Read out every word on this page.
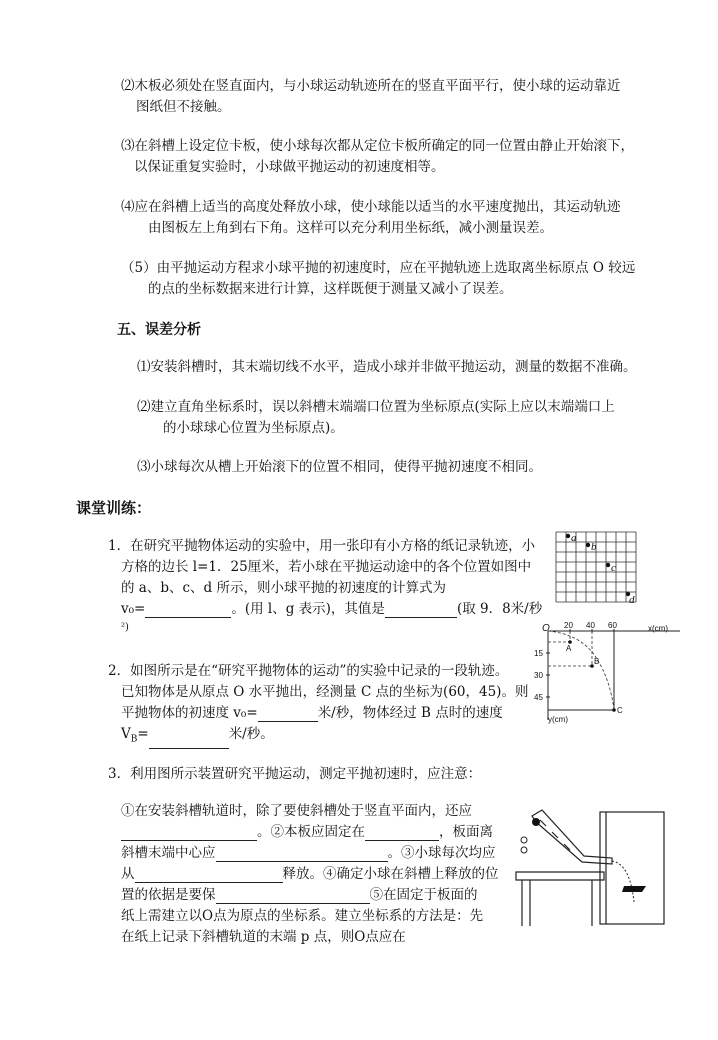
⑵木板必须处在竖直面内，与小球运动轨迹所在的竖直平面平行，使小球的运动靠近
图纸但不接触。
⑶在斜槽上设定位卡板，使小球每次都从定位卡板所确定的同一位置由静止开始滚下，
以保证重复实验时，小球做平抛运动的初速度相等。
⑷应在斜槽上适当的高度处释放小球，使小球能以适当的水平速度抛出，其运动轨迹
由图板左上角到右下角。这样可以充分利用坐标纸，减小测量误差。
（5）由平抛运动方程求小球平抛的初速度时，应在平抛轨迹上选取离坐标原点 O 较远
的点的坐标数据来进行计算，这样既便于测量又减小了误差。
五、误差分析
⑴安装斜槽时，其末端切线不水平，造成小球并非做平抛运动，测量的数据不准确。
⑵建立直角坐标系时，误以斜槽末端端口位置为坐标原点(实际上应以末端端口上
的小球球心位置为坐标原点)。
⑶小球每次从槽上开始滚下的位置不相同，使得平抛初速度不相同。
课堂训练：
1．在研究平抛物体运动的实验中，用一张印有小方格的纸记录轨迹，小
方格的边长 l=1．25厘米，若小球在平抛运动途中的各个位置如图中
的 a、b、c、d 所示，则小球平抛的初速度的计算式为
v₀=	。(用 l、g 表示)，其值是	(取 9．8米/秒
²)
a
b
c
d
2．如图所示是在“研究平抛物体的运动”的实验中记录的一段轨迹。
已知物体是从原点 O 水平抛出，经测量 C 点的坐标为(60，45)。则
平抛物体的初速度 v₀=	米/秒，物体经过 B 点时的速度
$V_B=$	米/秒。
O 20 40 60	x(cm)
15
30
45
y(cm)
A
B
C
3．利用图所示装置研究平抛运动，测定平抛初速时，应注意：
①在安装斜槽轨道时，除了要使斜槽处于竖直平面内，还应
。②本板应固定在	，板面离
斜槽末端中心应	。③小球每次均应
从	释放。④确定小球在斜槽上释放的位
置的依据是要保	⑤在固定于板面的
纸上需建立以O点为原点的坐标系。建立坐标系的方法是：先
在纸上记录下斜槽轨道的末端 p 点，则O点应在
